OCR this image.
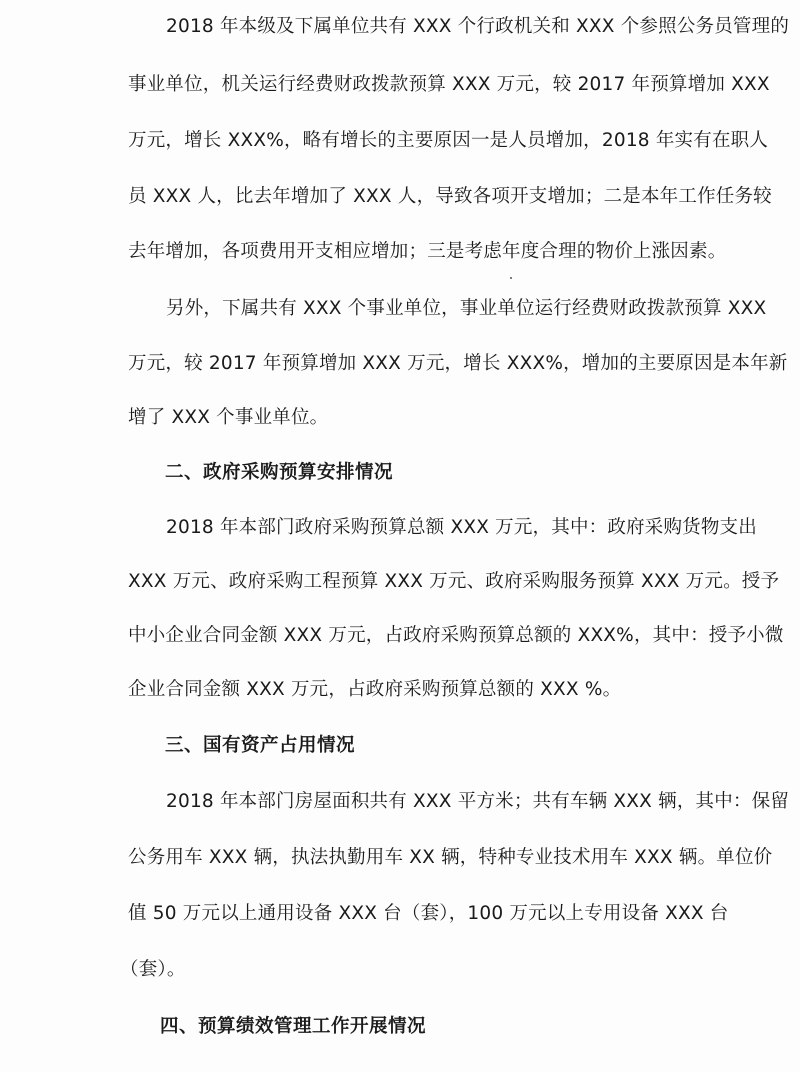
2018 年本级及下属单位共有 XXX 个行政机关和 XXX 个参照公务员管理的
事业单位，机关运行经费财政拨款预算 XXX 万元，较 2017 年预算增加 XXX
万元，增长 XXX%，略有增长的主要原因一是人员增加，2018 年实有在职人
员 XXX 人，比去年增加了 XXX 人，导致各项开支增加；二是本年工作任务较
去年增加，各项费用开支相应增加；三是考虑年度合理的物价上涨因素。
另外，下属共有 XXX 个事业单位，事业单位运行经费财政拨款预算 XXX
万元，较 2017 年预算增加 XXX 万元，增长 XXX%，增加的主要原因是本年新
增了 XXX 个事业单位。
二、政府采购预算安排情况
2018 年本部门政府采购预算总额 XXX 万元，其中：政府采购货物支出
XXX 万元、政府采购工程预算 XXX 万元、政府采购服务预算 XXX 万元。授予
中小企业合同金额 XXX 万元，占政府采购预算总额的 XXX%，其中：授予小微
企业合同金额 XXX 万元，占政府采购预算总额的 XXX %。
三、国有资产占用情况
2018 年本部门房屋面积共有 XXX 平方米；共有车辆 XXX 辆，其中：保留
公务用车 XXX 辆，执法执勤用车 XX 辆，特种专业技术用车 XXX 辆。单位价
值 50 万元以上通用设备 XXX 台（套），100 万元以上专用设备 XXX 台
（套）。
四、预算绩效管理工作开展情况
